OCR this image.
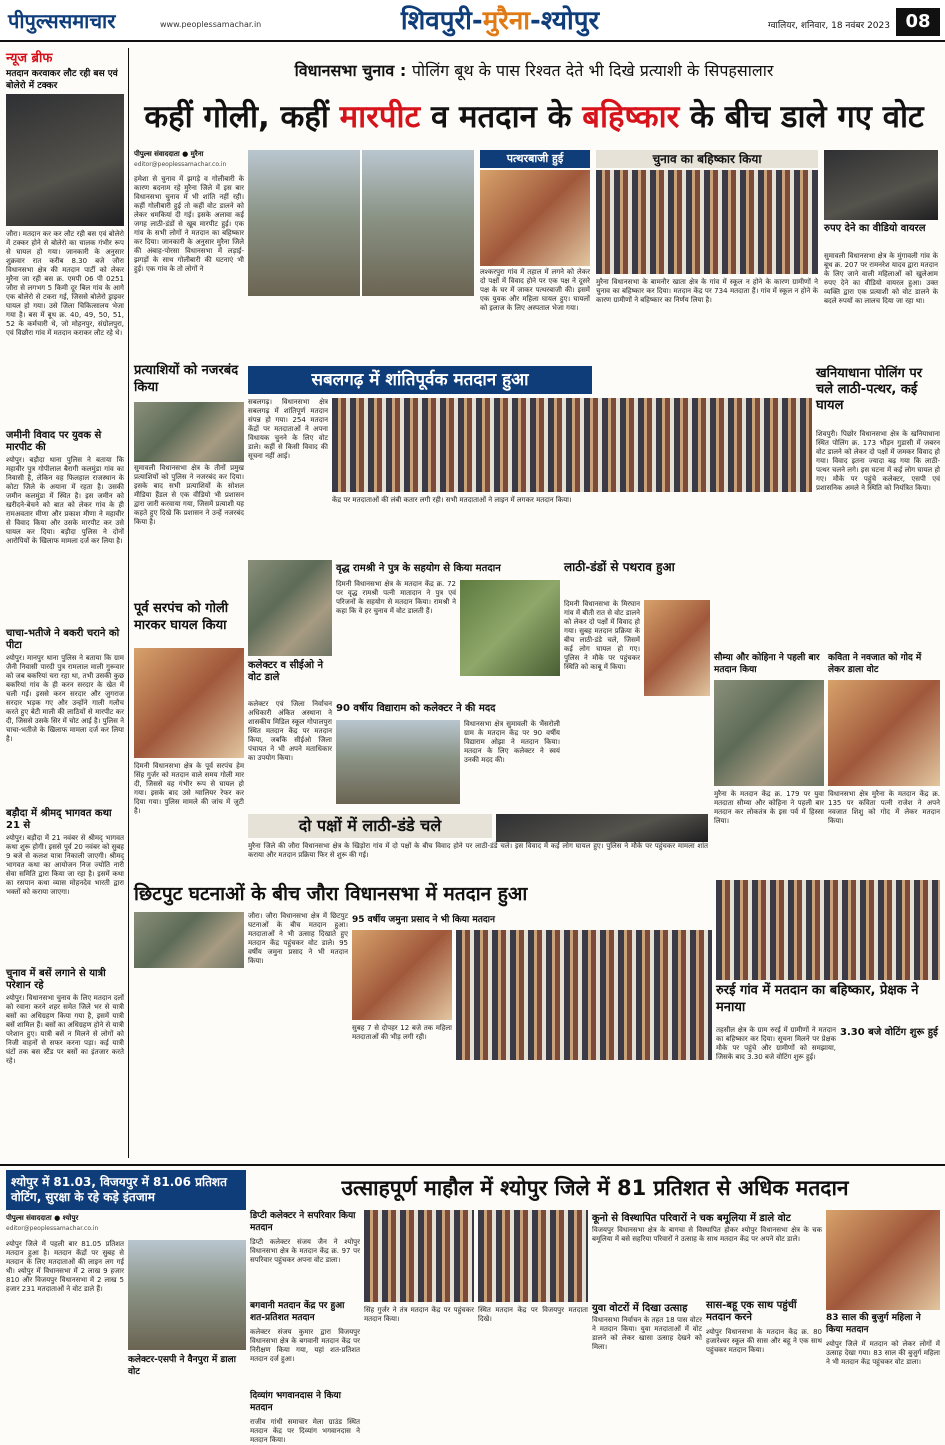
पीपुल्ससमाचार	www.peoplessamachar.in	शिवपुरी-मुरैना-श्योपुर	ग्वालियर, शनिवार, 18 नवंबर 2023 08
न्यूज ब्रीफ
मतदान करवाकर लौट रही बस एवं बोलेरो में टक्कर
जौरा। मतदान कर कर लौट रही बस एवं बोलेरो में टक्कर होने से बोलेरो का चालक गंभीर रूप से घायल हो गया। जानकारी के अनुसार शुक्रवार रात करीब 8.30 बजे जौरा विधानसभा क्षेत्र की मतदान पार्टी को लेकर मुरैना जा रही बस क्र. एमपी 06 पी 0251 जौरा से लगभग 5 किमी दूर बिल गांव के आगे एक बोलेरो से टकरा गई, जिससे बोलेरो ड्राइवर घायल हो गया। उसे जिला चिकित्सालय भेजा गया है। बस में बूथ क्र. 40, 49, 50, 51, 52 के कर्मचारी थे, जो मोहनपुर, संग्रोलपुरा, एवं विछौरा गांव में मतदान कराकर लौट रहे थे।
जमीनी विवाद पर युवक से मारपीट की
श्योपुर। बड़ौदा थाना पुलिस ने बताया कि महावीर पुत्र गोपीलाल बैरागी कलमुंडा गांव का निवासी है, लेकिन वह फिलहाल राजस्थान के कोटा जिले के अयाना में रहता है। उसकी जमीन कलमुंडा में स्थित है। इस जमीन को खरीदने-बेचने को बात को लेकर गांव के ही रामअवतार मीणा और प्रकाश मीणा ने महावीर से विवाद किया और उसके मारपीट कर उसे घायल कर दिया। बड़ौदा पुलिस ने दोनों आरोपियों के खिलाफ मामला दर्ज कर लिया है।
चाचा-भतीजे ने बकरी चराने को पीटा
श्योपुर। मानपुर थाना पुलिस ने बताया कि ग्राम जैनी निवासी पारदी पुत्र रामलाल माली गुरूवार को जब बकरियां चरा रहा था, तभी उसकी कुछ बकरियां गांव के ही करन सरदार के खेत में चली गईं। इससे करन सरदार और जुगराज सरदार भड़क गए और उन्होंने गाली गलौच करते हुए बेटी माली की लाठियों से मारपीट कर दी, जिससे उसके सिर में चोट आई है। पुलिस ने चाचा-भतीजे के खिलाफ मामला दर्ज कर लिया है।
बड़ौदा में श्रीमद् भागवत कथा 21 से
श्योपुर। बड़ौदा में 21 नवंबर से श्रीमद् भागवत कथा शुरू होगी। इससे पूर्व 20 नवंबर को सुबह 9 बजे से कलश यात्रा निकाली जाएगी। श्रीमद् भागवत कथा का आयोजन निज ज्योति नारी सेवा समिति द्वारा किया जा रहा है। इसमें कथा का रसपान कथा व्यास मोहनदेव भारती द्वारा भक्तों को कराया जाएगा।
चुनाव में बसें लगाने से यात्री परेशान रहे
श्योपुर। विधानसभा चुनाव के लिए मतदान दलों को रवाना करने शहर समेत जिले भर से यात्री बसों का अधिग्रहण किया गया है, इसमें यात्री बसें शामिल हैं। बसों का अधिग्रहण होने से यात्री परेशान हुए। यात्री बसें न मिलने से लोगों को निजी वाहनों से सफर करना पड़ा। कई यात्री घंटों तक बस स्टैंड पर बसों का इंतजार करते रहे।
विधानसभा चुनाव : पोलिंग बूथ के पास रिश्वत देते भी दिखे प्रत्याशी के सिपहसालार
कहीं गोली, कहीं मारपीट व मतदान के बहिष्कार के बीच डाले गए वोट
पीपुल्स संवाददाता ● मुरैना
editor@peoplessamachar.co.in
हमेशा से चुनाव में झगड़े व गोलीबारी के कारण बदनाम रहे मुरैना जिले में इस बार विधानसभा चुनाव में भी शांति नहीं रही। कहीं गोलीबारी हुई तो कहीं वोट डालने को लेकर धमकियां दी गई। इसके अलावा कई जगह लाठी-डंडों से खूब मारपीट हुई। एक गांव के सभी लोगों ने मतदान का बहिष्कार कर दिया। जानकारी के अनुसार मुरैना जिले की अंबाह-पोरसा विधानसभा में लड़ाई-झगड़ों के साथ गोलीबारी की घटनाएं भी हुई। एक गांव के तो लोगों ने
पत्थरबाजी हुई
लश्करपुरा गांव में तहाल में लगने को लेकर दो पक्षों में विवाद होने पर एक पक्ष ने दूसरे पक्ष के घर में जाकर पत्थरबाजी की। इसमें एक युवक और महिला घायल हुए। घायलों को इलाज के लिए अस्पताल भेजा गया।
चुनाव का बहिष्कार किया
मुरैना विधानसभा के बामनौर खाता क्षेत्र के गांव में स्कूल न होने के कारण ग्रामीणों ने चुनाव का बहिष्कार कर दिया। मतदान केंद्र पर 734 मतदाता हैं। गांव में स्कूल न होने के कारण ग्रामीणों ने बहिष्कार का निर्णय लिया है।
रुपए देने का वीडियो वायरल
सुमावली विधानसभा क्षेत्र के मुंगावली गांव के बूथ क्र. 207 पर रामनरेश यादव द्वारा मतदान के लिए जाने वाली महिलाओं को खुलेआम रुपए देने का वीडियो वायरल हुआ। उक्त व्यक्ति द्वारा एक प्रत्याशी को वोट डालने के बदले रुपयों का लालच दिया जा रहा था।
प्रत्याशियों को नजरबंद किया
सुमावली विधानसभा क्षेत्र के तीनों प्रमुख प्रत्याशियों को पुलिस ने नजरबंद कर दिया। इसके बाद सभी प्रत्याशियों के सोशल मीडिया हैंडल से एक वीडियो भी प्रशासन द्वारा जारी करवाया गया, जिसमें प्रत्याशी यह कहते हुए दिखे कि प्रशासन ने उन्हें नजरबंद किया है।
पूर्व सरपंच को गोली मारकर घायल किया
दिमनी विधानसभा क्षेत्र के पूर्व सरपंच हेम सिंह गुर्जर को मतदान वाले समय गोली मार दी, जिससे वह गंभीर रूप से घायल हो गया। इसके बाद उसे ग्वालियर रेफर कर दिया गया। पुलिस मामले की जांच में जुटी है।
सबलगढ़ में शांतिपूर्वक मतदान हुआ
सबलगढ़। विधानसभा क्षेत्र सबलगढ़ में शांतिपूर्ण मतदान संपन्न हो गया। 254 मतदान केंद्रों पर मतदाताओं ने अपना विधायक चुनने के लिए वोट डाले। कहीं से किसी विवाद की सूचना नहीं आई।
केंद्र पर मतदाताओं की लंबी कतार लगी रही। सभी मतदाताओं ने लाइन में लगकर मतदान किया।
खनियाधाना पोलिंग पर चले लाठी-पत्थर, कई घायल
शिवपुरी। पिछोर विधानसभा क्षेत्र के खनियाधाना स्थित पोलिंग क्र. 173 भौंड़न गुडासी में जबरन वोट डालने को लेकर दो पक्षों में जमकर विवाद हो गया। विवाद इतना ज्यादा बढ़ गया कि लाठी-पत्थर चलने लगे। इस घटना में कई लोग घायल हो गए। मौके पर पहुंचे कलेक्टर, एसपी एवं प्रशासनिक अमले ने स्थिति को नियंत्रित किया।
वृद्ध रामश्री ने पुत्र के सहयोग से किया मतदान
दिमनी विधानसभा क्षेत्र के मतदान केंद्र क्र. 72 पर वृद्ध रामश्री पत्नी मातादान ने पुत्र एवं परिजनों के सहयोग से मतदान किया। रामश्री ने कहा कि वे हर चुनाव में वोट डालती हैं।
कलेक्टर व सीईओ ने वोट डाले
कलेक्टर एवं जिला निर्वाचन अधिकारी अंकित अस्थाना ने शासकीय मिडिल स्कूल गोपालपुरा स्थित मतदान केंद्र पर मतदान किया, जबकि सीईओ जिला पंचायत ने भी अपने मताधिकार का उपयोग किया।
90 वर्षीय विद्याराम को कलेक्टर ने की मदद
विधानसभा क्षेत्र सुमावली के भैंसरोली ग्राम के मतदान केंद्र पर 90 वर्षीय विद्याराम ओझा ने मतदान किया। मतदान के लिए कलेक्टर ने स्वयं उनकी मदद की।
लाठी-डंडों से पथराव हुआ
दिमनी विधानसभा के मिरघान गांव में बीती रात से वोट डालने को लेकर दो पक्षों में विवाद हो गया। सुबह मतदान प्रक्रिया के बीच लाठी-डंडे चले, जिसमें कई लोग घायल हो गए। पुलिस ने मौके पर पहुंचकर स्थिति को काबू में किया।
सौम्या और कोहिना ने पहली बार मतदान किया
मुरैना के मतदान केंद्र क्र. 179 पर युवा मतदाता सौम्या और कोहिना ने पहली बार मतदान कर लोकतंत्र के इस पर्व में हिस्सा लिया।
कविता ने नवजात को गोद में लेकर डाला वोट
विधानसभा क्षेत्र मुरैना के मतदान केंद्र क्र. 135 पर कविता पत्नी राजेश ने अपने नवजात शिशु को गोद में लेकर मतदान किया।
दो पक्षों में लाठी-डंडे चले
मुरैना जिले की जौरा विधानसभा क्षेत्र के खिड़ोरा गांव में दो पक्षों के बीच विवाद होने पर लाठी-डंडे चले। इस विवाद में कई लोग घायल हुए। पुलिस ने मौके पर पहुंचकर मामला शांत कराया और मतदान प्रक्रिया फिर से शुरू की गई।
छिटपुट घटनाओं के बीच जौरा विधानसभा में मतदान हुआ
जौरा। जौरा विधानसभा क्षेत्र में छिटपुट घटनाओं के बीच मतदान हुआ। मतदाताओं ने भी उत्साह दिखाते हुए मतदान केंद्र पहुंचकर वोट डाले। 95 वर्षीय जमुना प्रसाद ने भी मतदान किया।
95 वर्षीय जमुना प्रसाद ने भी किया मतदान
सुबह 7 से दोपहर 12 बजे तक महिला मतदाताओं की भीड़ लगी रही।
रुरई गांव में मतदान का बहिष्कार, प्रेक्षक ने मनाया
तहसील क्षेत्र के ग्राम रुरई में ग्रामीणों ने मतदान का बहिष्कार कर दिया। सूचना मिलने पर प्रेक्षक मौके पर पहुंचे और ग्रामीणों को समझाया, जिसके बाद 3.30 बजे वोटिंग शुरू हुई।
3.30 बजे वोटिंग शुरू हुई
श्योपुर में 81.03, विजयपुर में 81.06 प्रतिशत वोटिंग, सुरक्षा के रहे कड़े इंतजाम
पीपुल्स संवाददाता ● श्योपुर
editor@peoplessamachar.co.in
श्योपुर जिले में पहली बार 81.05 प्रतिशत मतदान हुआ है। मतदान केंद्रों पर सुबह से मतदान के लिए मतदाताओं की लाइन लग गई थी। श्योपुर में विधानसभा में 2 लाख 9 हजार 810 और विजयपुर विधानसभा में 2 लाख 5 हजार 231 मतदाताओं ने वोट डाले हैं।
कलेक्टर-एसपी ने वैनपुरा में डाला वोट
उत्साहपूर्ण माहौल में श्योपुर जिले में 81 प्रतिशत से अधिक मतदान
डिप्टी कलेक्टर ने सपरिवार किया मतदान
डिप्टी कलेक्टर संजय जैन ने श्योपुर विधानसभा क्षेत्र के मतदान केंद्र क्र. 97 पर सपरिवार पहुंचकर अपना वोट डाला।
बगवानी मतदान केंद्र पर हुआ शत-प्रतिशत मतदान
कलेक्टर संजय कुमार द्वारा विजयपुर विधानसभा क्षेत्र के बगवानी मतदान केंद्र पर निरीक्षण किया गया, यहां शत-प्रतिशत मतदान दर्ज हुआ।
दिव्यांग भगवानदास ने किया मतदान
राजीव गांधी समाचार मेला ग्राउंड स्थित मतदान केंद्र पर दिव्यांग भगवानदास ने मतदान किया।
सिंह गुर्जर ने तंत्र मतदान केंद्र पर पहुंचकर मतदान किया।
स्थित मतदान केंद्र पर विजयपुर मतदाता दिखे।
कूनो से विस्थापित परिवारों ने चक बमूलिया में डाले वोट
विजयपुर विधानसभा क्षेत्र के बागचा से विस्थापित होकर श्योपुर विधानसभा क्षेत्र के चक बमूलिया में बसे सहरिया परिवारों ने उत्साह के साथ मतदान केंद्र पर अपने वोट डाले।
युवा वोटरों में दिखा उत्साह
विधानसभा निर्वाचन के तहत 18 पास वोटर ने मतदान किया। युवा मतदाताओं में वोट डालने को लेकर खासा उत्साह देखने को मिला।
सास-बहू एक साथ पहुंचीं मतदान करने
श्योपुर विधानसभा के मतदान केंद्र क्र. 80 हजारेश्वर स्कूल की सास और बहू ने एक साथ पहुंचकर मतदान किया।
83 साल की बुजुर्ग महिला ने किया मतदान
श्योपुर जिले में मतदान को लेकर लोगों में उत्साह देखा गया। 83 साल की बुजुर्ग महिला ने भी मतदान केंद्र पहुंचकर वोट डाला।
